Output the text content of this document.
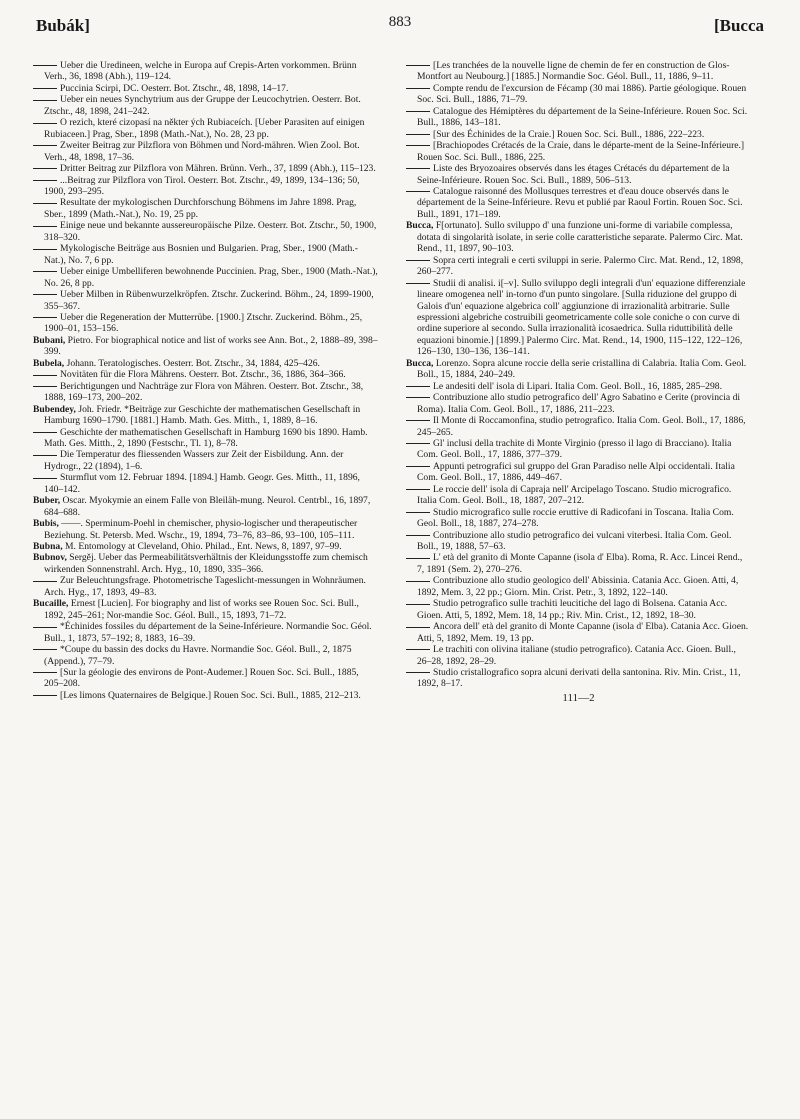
Bubák]	883	[Bucca

Ueber die Uredineen, welche in Europa auf Crepis-Arten vorkommen. Brünn Verh., 36, 1898 (Abh.), 119–124.

Puccinia Scirpi, DC. Oesterr. Bot. Ztschr., 48, 1898, 14–17.

Ueber ein neues Synchytrium aus der Gruppe der Leucochytrien. Oesterr. Bot. Ztschr., 48, 1898, 241–242.

O rezich, které cizopasí na někter ých Rubiaceích. [Ueber Parasiten auf einigen Rubiaceen.] Prag, Sber., 1898 (Math.-Nat.), No. 28, 23 pp.

Zweiter Beitrag zur Pilzflora von Böhmen und Nord-mähren. Wien Zool. Bot. Verh., 48, 1898, 17–36.

Dritter Beitrag zur Pilzflora von Mähren. Brünn. Verh., 37, 1899 (Abh.), 115–123.

...Beitrag zur Pilzflora von Tirol. Oesterr. Bot. Ztschr., 49, 1899, 134–136; 50, 1900, 293–295.

Resultate der mykologischen Durchforschung Böhmens im Jahre 1898. Prag, Sber., 1899 (Math.-Nat.), No. 19, 25 pp.

Einige neue und bekannte aussereuropäische Pilze. Oesterr. Bot. Ztschr., 50, 1900, 318–320.

Mykologische Beiträge aus Bosnien und Bulgarien. Prag, Sber., 1900 (Math.-Nat.), No. 7, 6 pp.

Ueber einige Umbelliferen bewohnende Puccinien. Prag, Sber., 1900 (Math.-Nat.), No. 26, 8 pp.

Ueber Milben in Rübenwurzelkröpfen. Ztschr. Zuckerind. Böhm., 24, 1899-1900, 355–367.

Ueber die Regeneration der Mutterrübe. [1900.] Ztschr. Zuckerind. Böhm., 25, 1900–01, 153–156.

Bubani, Pietro. For biographical notice and list of works see Ann. Bot., 2, 1888–89, 398–399.

Bubela, Johann. Teratologisches. Oesterr. Bot. Ztschr., 34, 1884, 425–426.

Novitäten für die Flora Mährens. Oesterr. Bot. Ztschr., 36, 1886, 364–366.

Berichtigungen und Nachträge zur Flora von Mähren. Oesterr. Bot. Ztschr., 38, 1888, 169–173, 200–202.

Bubendey, Joh. Friedr. *Beiträge zur Geschichte der mathematischen Gesellschaft in Hamburg 1690–1790. [1881.] Hamb. Math. Ges. Mitth., 1, 1889, 8–16.

Geschichte der mathematischen Gesellschaft in Hamburg 1690 bis 1890. Hamb. Math. Ges. Mitth., 2, 1890 (Festschr., Tl. 1), 8–78.

Die Temperatur des fliessenden Wassers zur Zeit der Eisbildung. Ann. der Hydrogr., 22 (1894), 1–6.

Sturmflut vom 12. Februar 1894. [1894.] Hamb. Geogr. Ges. Mitth., 11, 1896, 140–142.

Buber, Oscar. Myokymie an einem Falle von Bleiläh-mung. Neurol. Centrbl., 16, 1897, 684–688.

Bubis, ——. Sperminum-Poehl in chemischer, physio-logischer und therapeutischer Beziehung. St. Petersb. Med. Wschr., 19, 1894, 73–76, 83–86, 93–100, 105–111.

Bubna, M. Entomology at Cleveland, Ohio. Philad., Ent. News, 8, 1897, 97–99.

Bubnov, Sergěj. Ueber das Permeabilitätsverhältnis der Kleidungsstoffe zum chemisch wirkenden Sonnenstrahl. Arch. Hyg., 10, 1890, 335–366.

Zur Beleuchtungsfrage. Photometrische Tageslicht-messungen in Wohnräumen. Arch. Hyg., 17, 1893, 49–83.

Bucaille, Ernest [Lucien]. For biography and list of works see Rouen Soc. Sci. Bull., 1892, 245–261; Nor-mandie Soc. Géol. Bull., 15, 1893, 71–72.

*Échinides fossiles du département de la Seine-Inférieure. Normandie Soc. Géol. Bull., 1, 1873, 57–192; 8, 1883, 16–39.

*Coupe du bassin des docks du Havre. Normandie Soc. Géol. Bull., 2, 1875 (Append.), 77–79.

[Sur la géologie des environs de Pont-Audemer.] Rouen Soc. Sci. Bull., 1885, 205–208.

[Les limons Quaternaires de Belgique.] Rouen Soc. Sci. Bull., 1885, 212–213.

[Les tranchées de la nouvelle ligne de chemin de fer en construction de Glos-Montfort au Neubourg.] [1885.] Normandie Soc. Géol. Bull., 11, 1886, 9–11.

Compte rendu de l'excursion de Fécamp (30 mai 1886). Partie géologique. Rouen Soc. Sci. Bull., 1886, 71–79.

Catalogue des Hémiptères du département de la Seine-Inférieure. Rouen Soc. Sci. Bull., 1886, 143–181.

[Sur des Échinides de la Craie.] Rouen Soc. Sci. Bull., 1886, 222–223.

[Brachiopodes Crétacés de la Craie, dans le départe-ment de la Seine-Inférieure.] Rouen Soc. Sci. Bull., 1886, 225.

Liste des Bryozoaires observés dans les étages Crétacés du département de la Seine-Inférieure. Rouen Soc. Sci. Bull., 1889, 506–513.

Catalogue raisonné des Mollusques terrestres et d'eau douce observés dans le département de la Seine-Inférieure. Revu et publié par Raoul Fortin. Rouen Soc. Sci. Bull., 1891, 171–189.

Bucca, F[ortunato]. Sullo sviluppo d' una funzione uni-forme di variabile complessa, dotata di singolarità isolate, in serie colle caratteristiche separate. Palermo Circ. Mat. Rend., 11, 1897, 90–103.

Sopra certi integrali e certi sviluppi in serie. Palermo Circ. Mat. Rend., 12, 1898, 260–277.

Studii di analisi. i[–v]. Sullo sviluppo degli integrali d'un' equazione differenziale lineare omogenea nell' in-torno d'un punto singolare. [Sulla riduzione del gruppo di Galois d'un' equazione algebrica coll' aggiunzione di irrazionalità arbitrarie. Sulle espressioni algebriche costruibili geometricamente colle sole coniche o con curve di ordine superiore al secondo. Sulla irrazionalità icosaedrica. Sulla riduttibilità delle equazioni binomie.] [1899.] Palermo Circ. Mat. Rend., 14, 1900, 115–122, 122–126, 126–130, 130–136, 136–141.

Bucca, Lorenzo. Sopra alcune roccie della serie cristallina di Calabria. Italia Com. Geol. Boll., 15, 1884, 240–249.

Le andesiti dell' isola di Lipari. Italia Com. Geol. Boll., 16, 1885, 285–298.

Contribuzione allo studio petrografico dell' Agro Sabatino e Cerite (provincia di Roma). Italia Com. Geol. Boll., 17, 1886, 211–223.

Il Monte di Roccamonfina, studio petrografico. Italia Com. Geol. Boll., 17, 1886, 245–265.

Gl' inclusi della trachite di Monte Virginio (presso il lago di Bracciano). Italia Com. Geol. Boll., 17, 1886, 377–379.

Appunti petrografici sul gruppo del Gran Paradiso nelle Alpi occidentali. Italia Com. Geol. Boll., 17, 1886, 449–467.

Le roccie dell' isola di Capraja nell' Arcipelago Toscano. Studio micrografico. Italia Com. Geol. Boll., 18, 1887, 207–212.

Studio micrografico sulle roccie eruttive di Radicofani in Toscana. Italia Com. Geol. Boll., 18, 1887, 274–278.

Contribuzione allo studio petrografico dei vulcani viterbesi. Italia Com. Geol. Boll., 19, 1888, 57–63.

L' età del granito di Monte Capanne (isola d' Elba). Roma, R. Acc. Lincei Rend., 7, 1891 (Sem. 2), 270–276.

Contribuzione allo studio geologico dell' Abissinia. Catania Acc. Gioen. Atti, 4, 1892, Mem. 3, 22 pp.; Giorn. Min. Crist. Petr., 3, 1892, 122–140.

Studio petrografico sulle trachiti leucitiche del lago di Bolsena. Catania Acc. Gioen. Atti, 5, 1892, Mem. 18, 14 pp.; Riv. Min. Crist., 12, 1892, 18–30.

Ancora dell' età del granito di Monte Capanne (isola d' Elba). Catania Acc. Gioen. Atti, 5, 1892, Mem. 19, 13 pp.

Le trachiti con olivina italiane (studio petrografico). Catania Acc. Gioen. Bull., 26–28, 1892, 28–29.

Studio cristallografico sopra alcuni derivati della santonina. Riv. Min. Crist., 11, 1892, 8–17.

111—2
